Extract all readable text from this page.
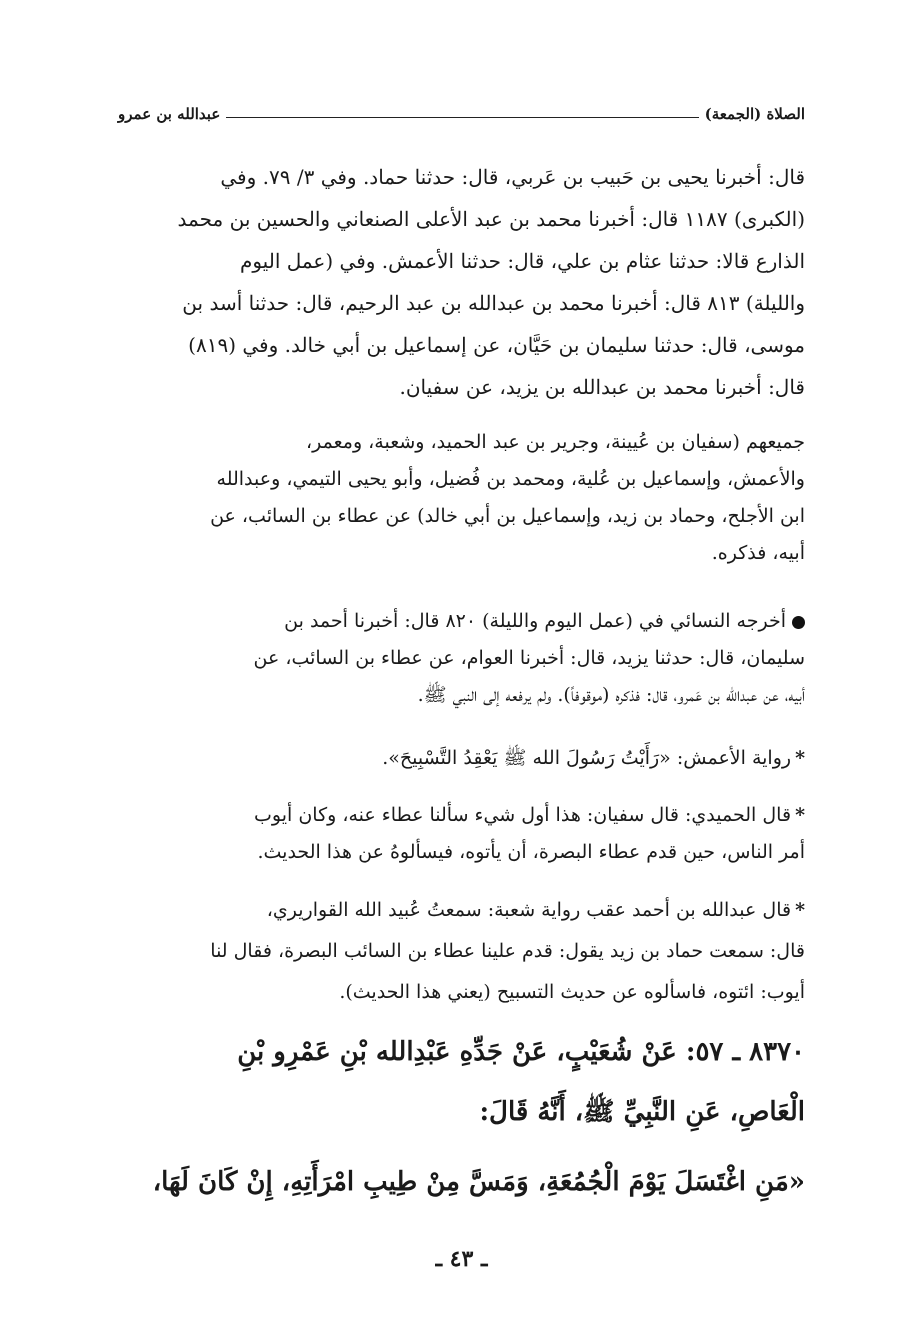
الصلاة (الجمعة)
عبدالله بن عمرو
قال: أخبرنا يحيى بن حَبيب بن عَربي، قال: حدثنا حماد. وفي ٣/ ٧٩. وفي
(الكبرى) ١١٨٧ قال: أخبرنا محمد بن عبد الأعلى الصنعاني والحسين بن محمد
الذارع قالا: حدثنا عثام بن علي، قال: حدثنا الأعمش. وفي (عمل اليوم
والليلة) ٨١٣ قال: أخبرنا محمد بن عبدالله بن عبد الرحيم، قال: حدثنا أسد بن
موسى، قال: حدثنا سليمان بن حَيَّان، عن إسماعيل بن أبي خالد. وفي (٨١٩)
قال: أخبرنا محمد بن عبدالله بن يزيد، عن سفيان.
جميعهم (سفيان بن عُيينة، وجرير بن عبد الحميد، وشعبة، ومعمر،
والأعمش، وإسماعيل بن عُلية، ومحمد بن فُضيل، وأبو يحيى التيمي، وعبدالله
ابن الأجلح، وحماد بن زيد، وإسماعيل بن أبي خالد) عن عطاء بن السائب، عن
أبيه، فذكره.
أخرجه النسائي في (عمل اليوم والليلة) ٨٢٠ قال: أخبرنا أحمد بن
سليمان، قال: حدثنا يزيد، قال: أخبرنا العوام، عن عطاء بن السائب، عن
أبيه، عن عبدالله بن عَمرو، قال: فذكره (موقوفاً). ولم يرفعه إلى النبي ﷺ.
*رواية الأعمش: «رَأَيْتُ رَسُولَ الله ﷺ يَعْقِدُ التَّسْبِيحَ».
*قال الحميدي: قال سفيان: هذا أول شيء سألنا عطاء عنه، وكان أيوب
أمر الناس، حين قدم عطاء البصرة، أن يأتوه، فيسألوهُ عن هذا الحديث.
*قال عبدالله بن أحمد عقب رواية شعبة: سمعتُ عُبيد الله القواريري،
قال: سمعت حماد بن زيد يقول: قدم علينا عطاء بن السائب البصرة، فقال لنا
أيوب: ائتوه، فاسألوه عن حديث التسبيح (يعني هذا الحديث).
٨٣٧٠ ـ ٥٧: عَنْ شُعَيْبٍ، عَنْ جَدِّهِ عَبْدِالله بْنِ عَمْرِو بْنِ
الْعَاصِ، عَنِ النَّبِيِّ ﷺ، أَنَّهُ قَالَ:
«مَنِ اغْتَسَلَ يَوْمَ الْجُمُعَةِ، وَمَسَّ مِنْ طِيبِ امْرَأَتِهِ، إِنْ كَانَ لَهَا،
ـ ٤٣ ـ
